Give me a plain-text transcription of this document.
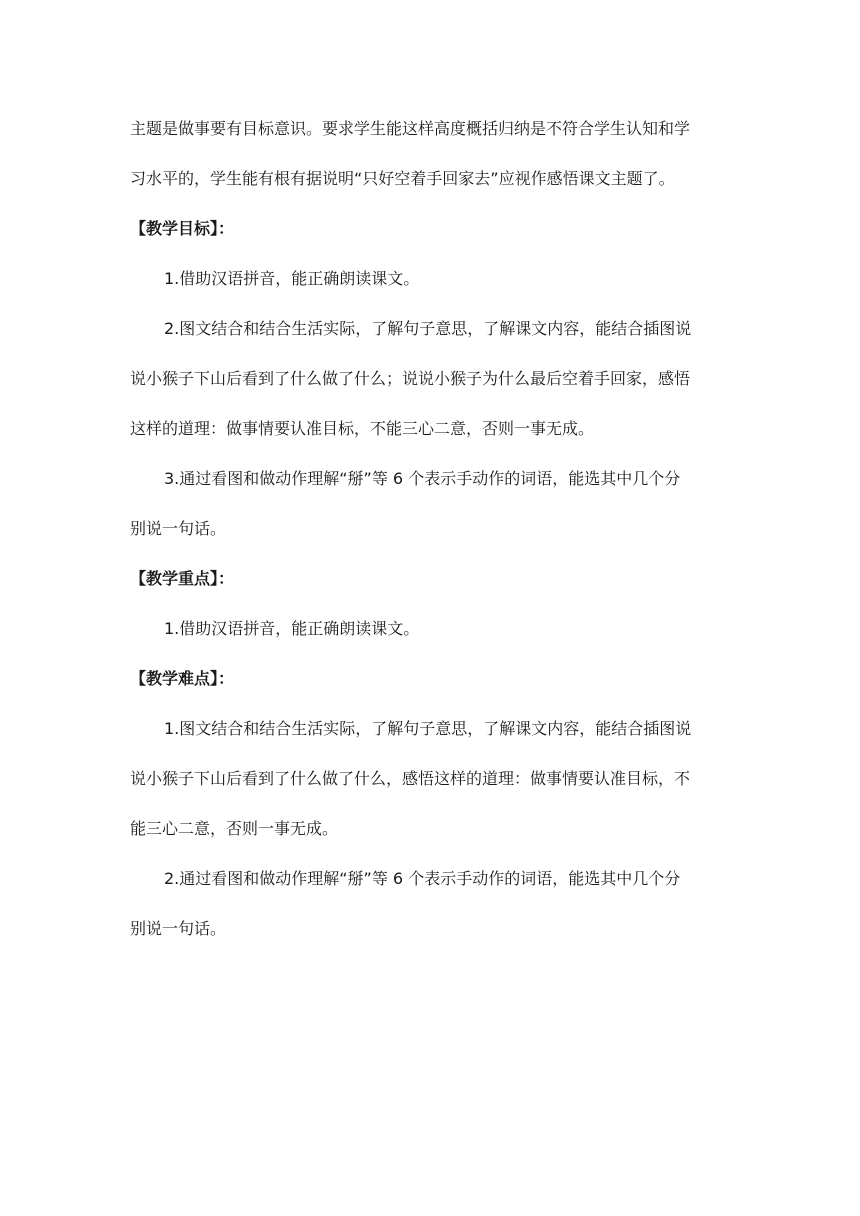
主题是做事要有目标意识。要求学生能这样高度概括归纳是不符合学生认知和学
习水平的，学生能有根有据说明“只好空着手回家去”应视作感悟课文主题了。
【教学目标】：
1.借助汉语拼音，能正确朗读课文。
2.图文结合和结合生活实际，了解句子意思，了解课文内容，能结合插图说
说小猴子下山后看到了什么做了什么；说说小猴子为什么最后空着手回家，感悟
这样的道理：做事情要认准目标，不能三心二意，否则一事无成。
3.通过看图和做动作理解“掰”等 6 个表示手动作的词语，能选其中几个分
别说一句话。
【教学重点】：
1.借助汉语拼音，能正确朗读课文。
【教学难点】：
1.图文结合和结合生活实际，了解句子意思，了解课文内容，能结合插图说
说小猴子下山后看到了什么做了什么，感悟这样的道理：做事情要认准目标，不
能三心二意，否则一事无成。
2.通过看图和做动作理解“掰”等 6 个表示手动作的词语，能选其中几个分
别说一句话。
